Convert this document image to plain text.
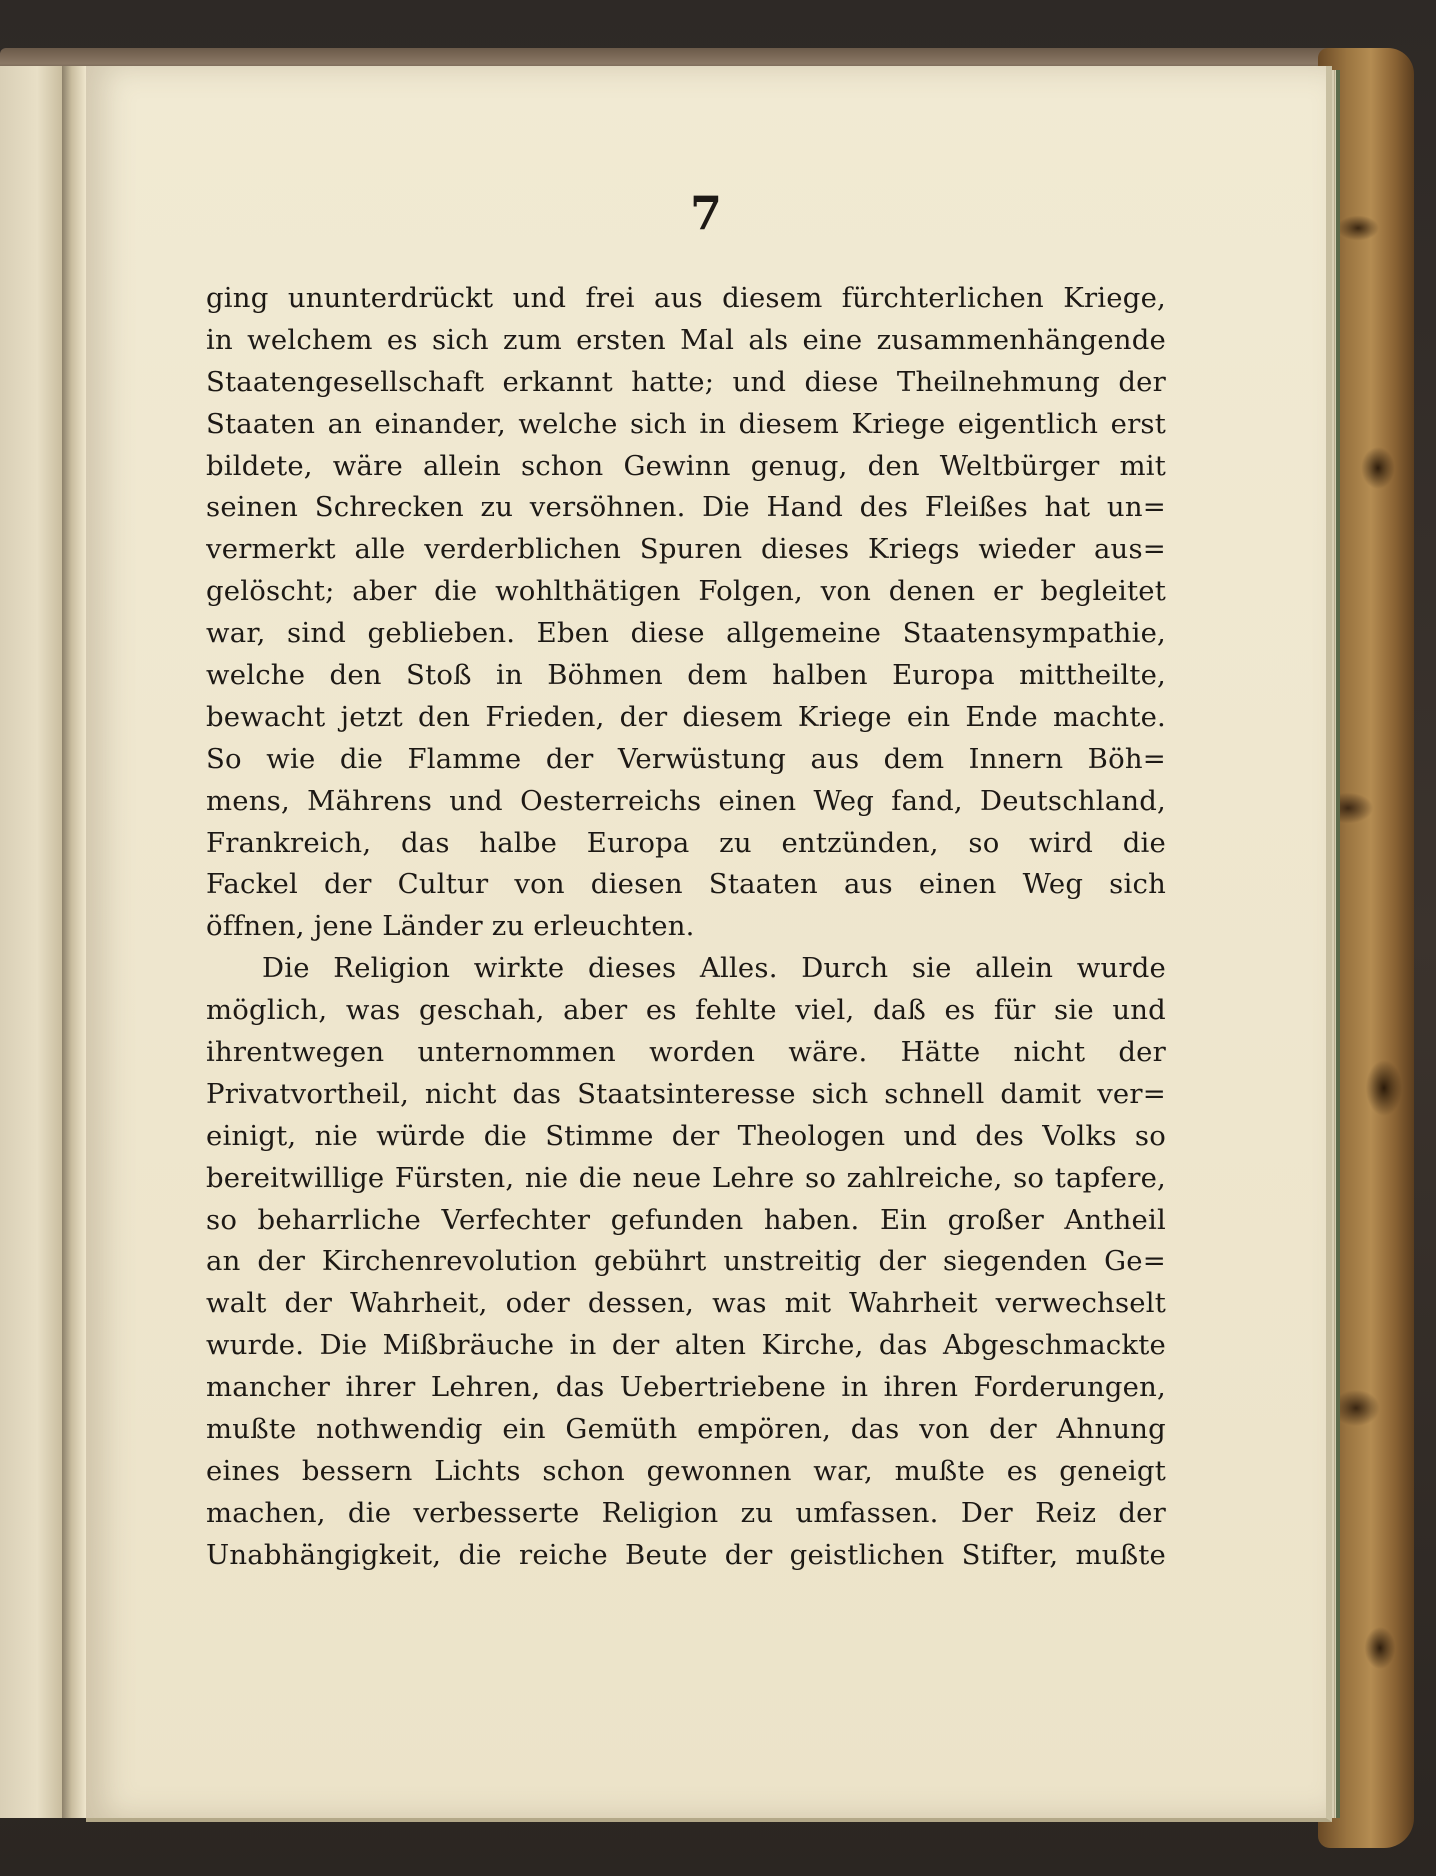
7
ging ununterdrückt und frei aus diesem fürchterlichen Kriege,
in welchem es sich zum ersten Mal als eine zusammenhängende
Staatengesellschaft erkannt hatte; und diese Theilnehmung der
Staaten an einander, welche sich in diesem Kriege eigentlich erst
bildete, wäre allein schon Gewinn genug, den Weltbürger mit
seinen Schrecken zu versöhnen. Die Hand des Fleißes hat un=
vermerkt alle verderblichen Spuren dieses Kriegs wieder aus=
gelöscht; aber die wohlthätigen Folgen, von denen er begleitet
war, sind geblieben. Eben diese allgemeine Staatensympathie,
welche den Stoß in Böhmen dem halben Europa mittheilte,
bewacht jetzt den Frieden, der diesem Kriege ein Ende machte.
So wie die Flamme der Verwüstung aus dem Innern Böh=
mens, Mährens und Oesterreichs einen Weg fand, Deutschland,
Frankreich, das halbe Europa zu entzünden, so wird die
Fackel der Cultur von diesen Staaten aus einen Weg sich
öffnen, jene Länder zu erleuchten.
Die Religion wirkte dieses Alles. Durch sie allein wurde
möglich, was geschah, aber es fehlte viel, daß es für sie und
ihrentwegen unternommen worden wäre. Hätte nicht der
Privatvortheil, nicht das Staatsinteresse sich schnell damit ver=
einigt, nie würde die Stimme der Theologen und des Volks so
bereitwillige Fürsten, nie die neue Lehre so zahlreiche, so tapfere,
so beharrliche Verfechter gefunden haben. Ein großer Antheil
an der Kirchenrevolution gebührt unstreitig der siegenden Ge=
walt der Wahrheit, oder dessen, was mit Wahrheit verwechselt
wurde. Die Mißbräuche in der alten Kirche, das Abgeschmackte
mancher ihrer Lehren, das Uebertriebene in ihren Forderungen,
mußte nothwendig ein Gemüth empören, das von der Ahnung
eines bessern Lichts schon gewonnen war, mußte es geneigt
machen, die verbesserte Religion zu umfassen. Der Reiz der
Unabhängigkeit, die reiche Beute der geistlichen Stifter, mußte
